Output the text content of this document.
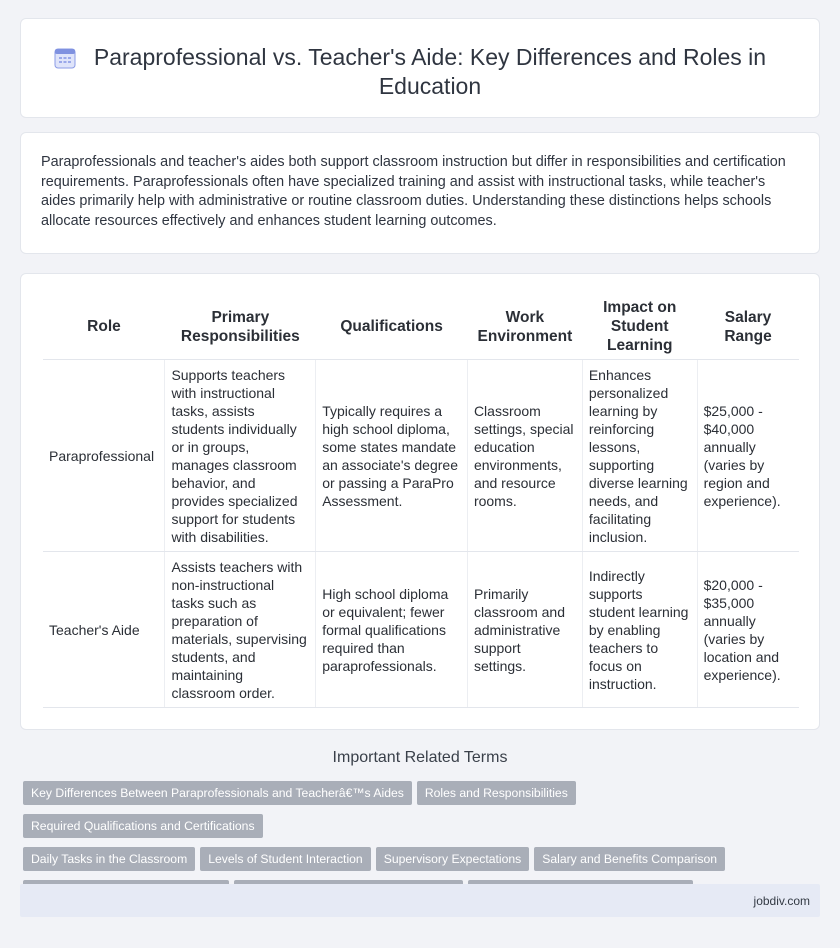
Paraprofessional vs. Teacher's Aide: Key Differences and Roles in Education

Paraprofessionals and teacher's aides both support classroom instruction but differ in responsibilities and certification requirements. Paraprofessionals often have specialized training and assist with instructional tasks, while teacher's aides primarily help with administrative or routine classroom duties. Understanding these distinctions helps schools allocate resources effectively and enhances student learning outcomes.

Role	Primary Responsibilities	Qualifications	Work Environment	Impact on Student Learning	Salary Range
Paraprofessional	Supports teachers with instructional tasks, assists students individually or in groups, manages classroom behavior, and provides specialized support for students with disabilities.	Typically requires a high school diploma, some states mandate an associate's degree or passing a ParaPro Assessment.	Classroom settings, special education environments, and resource rooms.	Enhances personalized learning by reinforcing lessons, supporting diverse learning needs, and facilitating inclusion.	$25,000 - $40,000 annually (varies by region and experience).
Teacher's Aide	Assists teachers with non-instructional tasks such as preparation of materials, supervising students, and maintaining classroom order.	High school diploma or equivalent; fewer formal qualifications required than paraprofessionals.	Primarily classroom and administrative support settings.	Indirectly supports student learning by enabling teachers to focus on instruction.	$20,000 - $35,000 annually (varies by location and experience).
Important Related Terms
Key Differences Between Paraprofessionals and Teacherâ€™s Aides Roles and ResponsibilitiesRequired Qualifications and Certifications
Daily Tasks in the Classroom Levels of Student Interaction Supervisory Expectations Salary and Benefits Comparison

jobdiv.com
